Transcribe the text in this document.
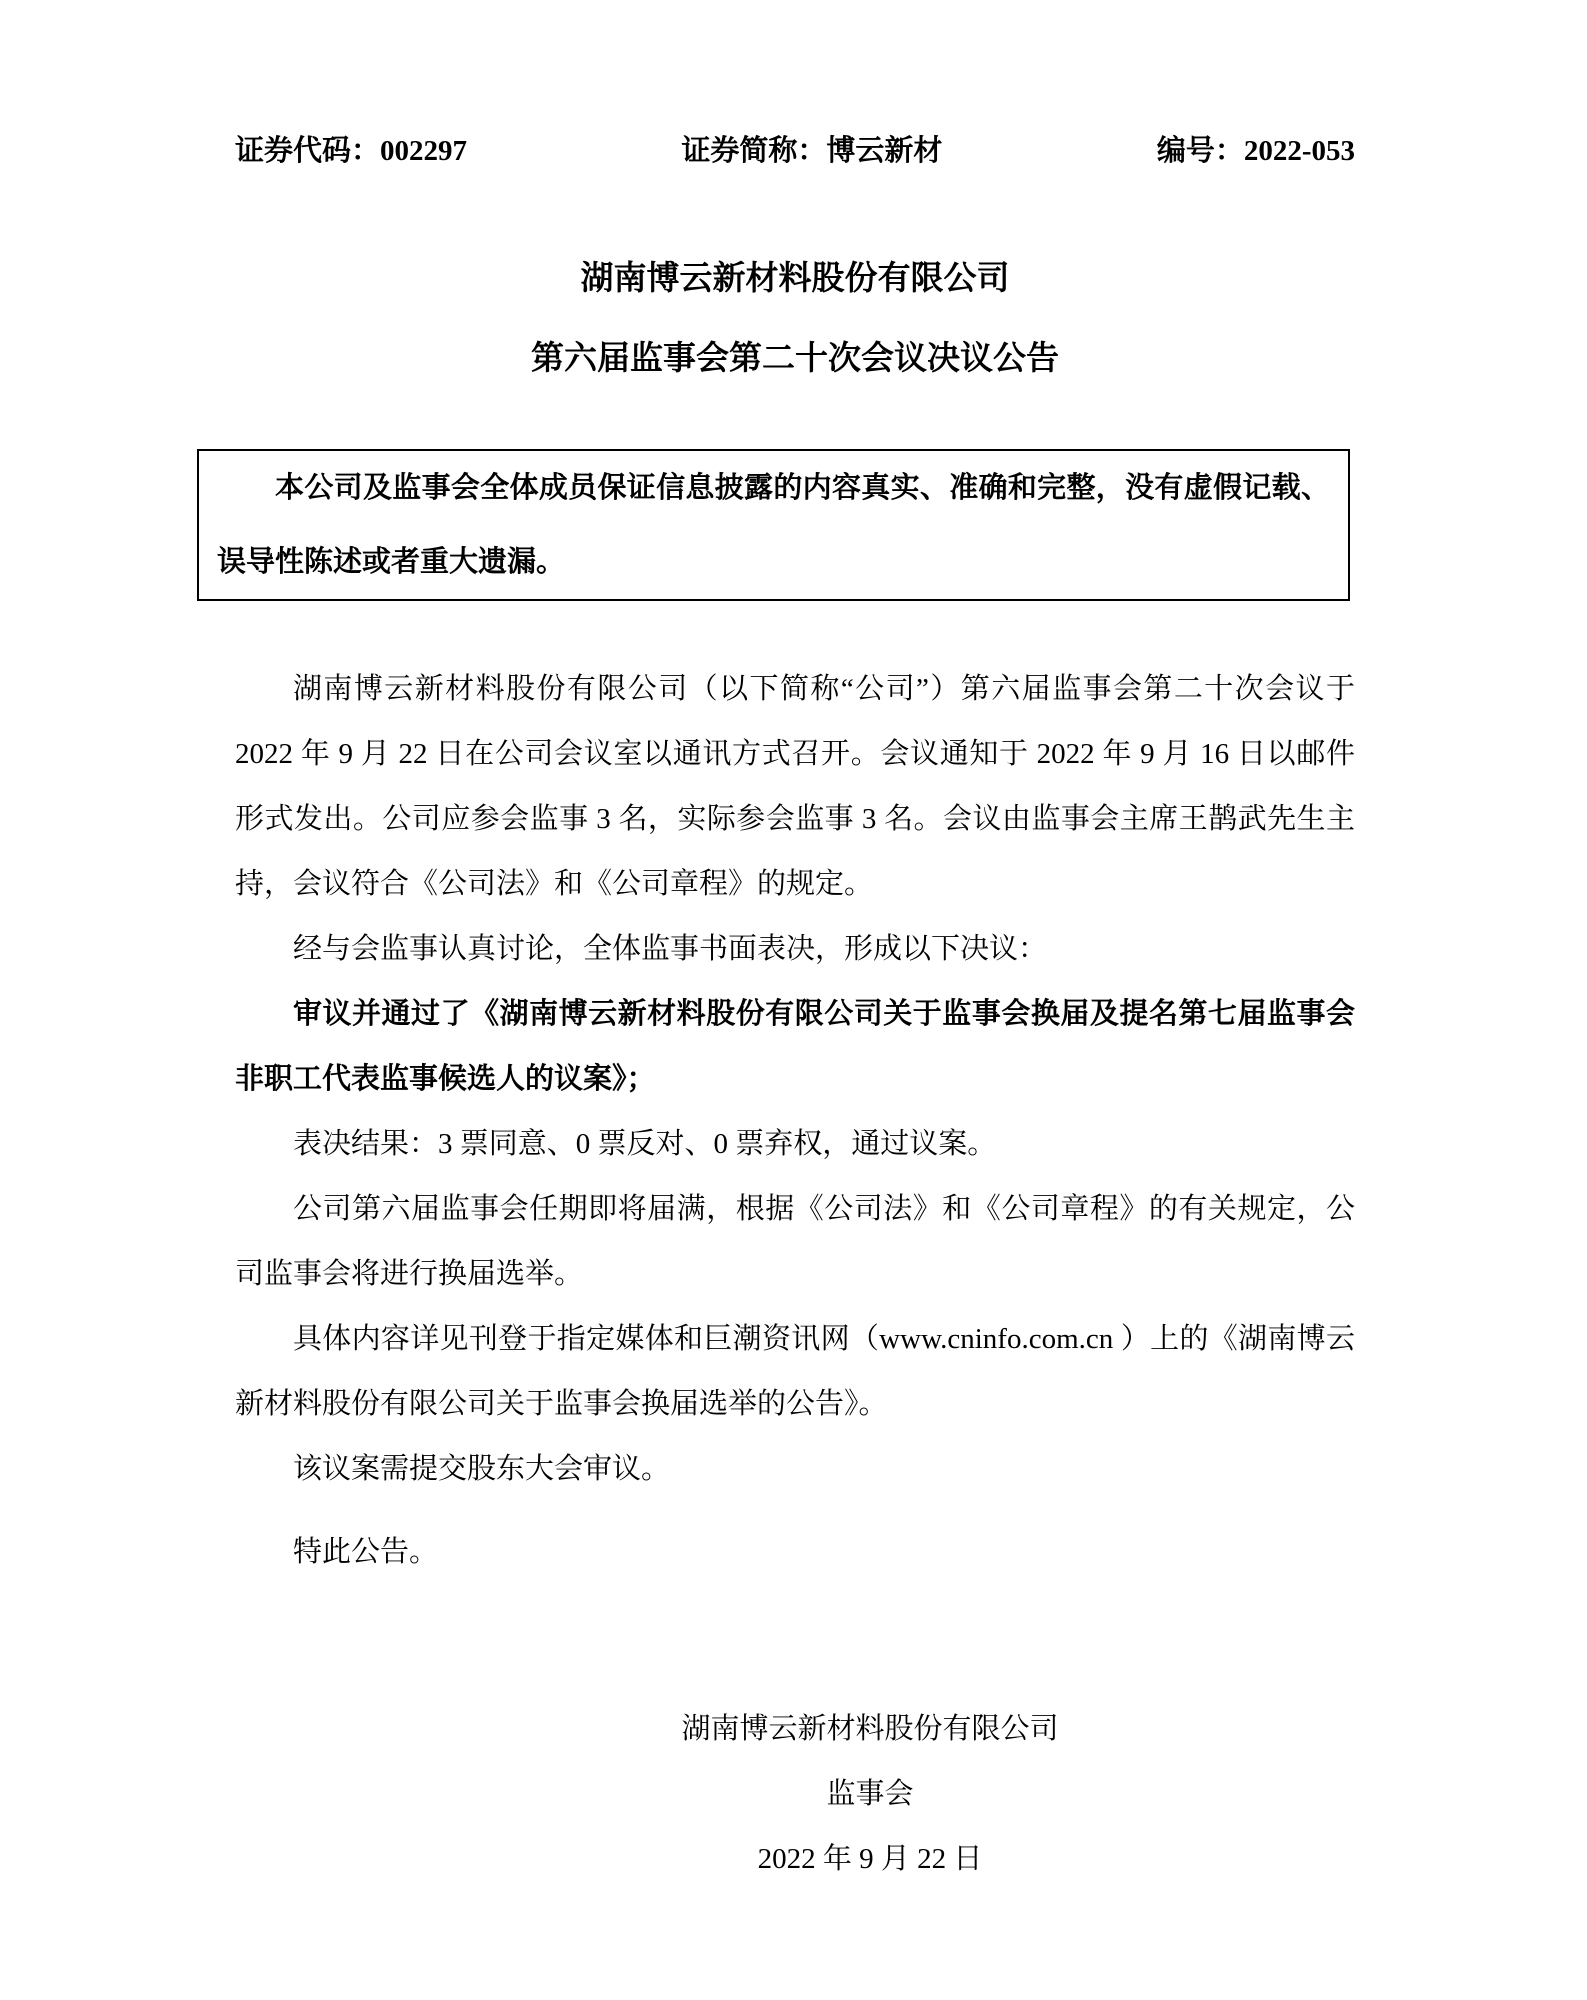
证券代码：002297	证券简称：博云新材	编号：2022-053
湖南博云新材料股份有限公司
第六届监事会第二十次会议决议公告

本公司及监事会全体成员保证信息披露的内容真实、准确和完整，没有虚假记载、误导性陈述或者重大遗漏。

湖南博云新材料股份有限公司（以下简称“公司”）第六届监事会第二十次会议于 2022 年 9 月 22 日在公司会议室以通讯方式召开。会议通知于 2022 年 9 月 16 日以邮件形式发出。公司应参会监事 3 名，实际参会监事 3 名。会议由监事会主席王鹊武先生主持，会议符合《公司法》和《公司章程》的规定。

经与会监事认真讨论，全体监事书面表决，形成以下决议：

审议并通过了《湖南博云新材料股份有限公司关于监事会换届及提名第七届监事会非职工代表监事候选人的议案》；

表决结果：3 票同意、0 票反对、0 票弃权，通过议案。

公司第六届监事会任期即将届满，根据《公司法》和《公司章程》的有关规定，公司监事会将进行换届选举。

具体内容详见刊登于指定媒体和巨潮资讯网（www.cninfo.com.cn ）上的《湖南博云新材料股份有限公司关于监事会换届选举的公告》。

该议案需提交股东大会审议。

特此公告。

湖南博云新材料股份有限公司
监事会
2022 年 9 月 22 日
